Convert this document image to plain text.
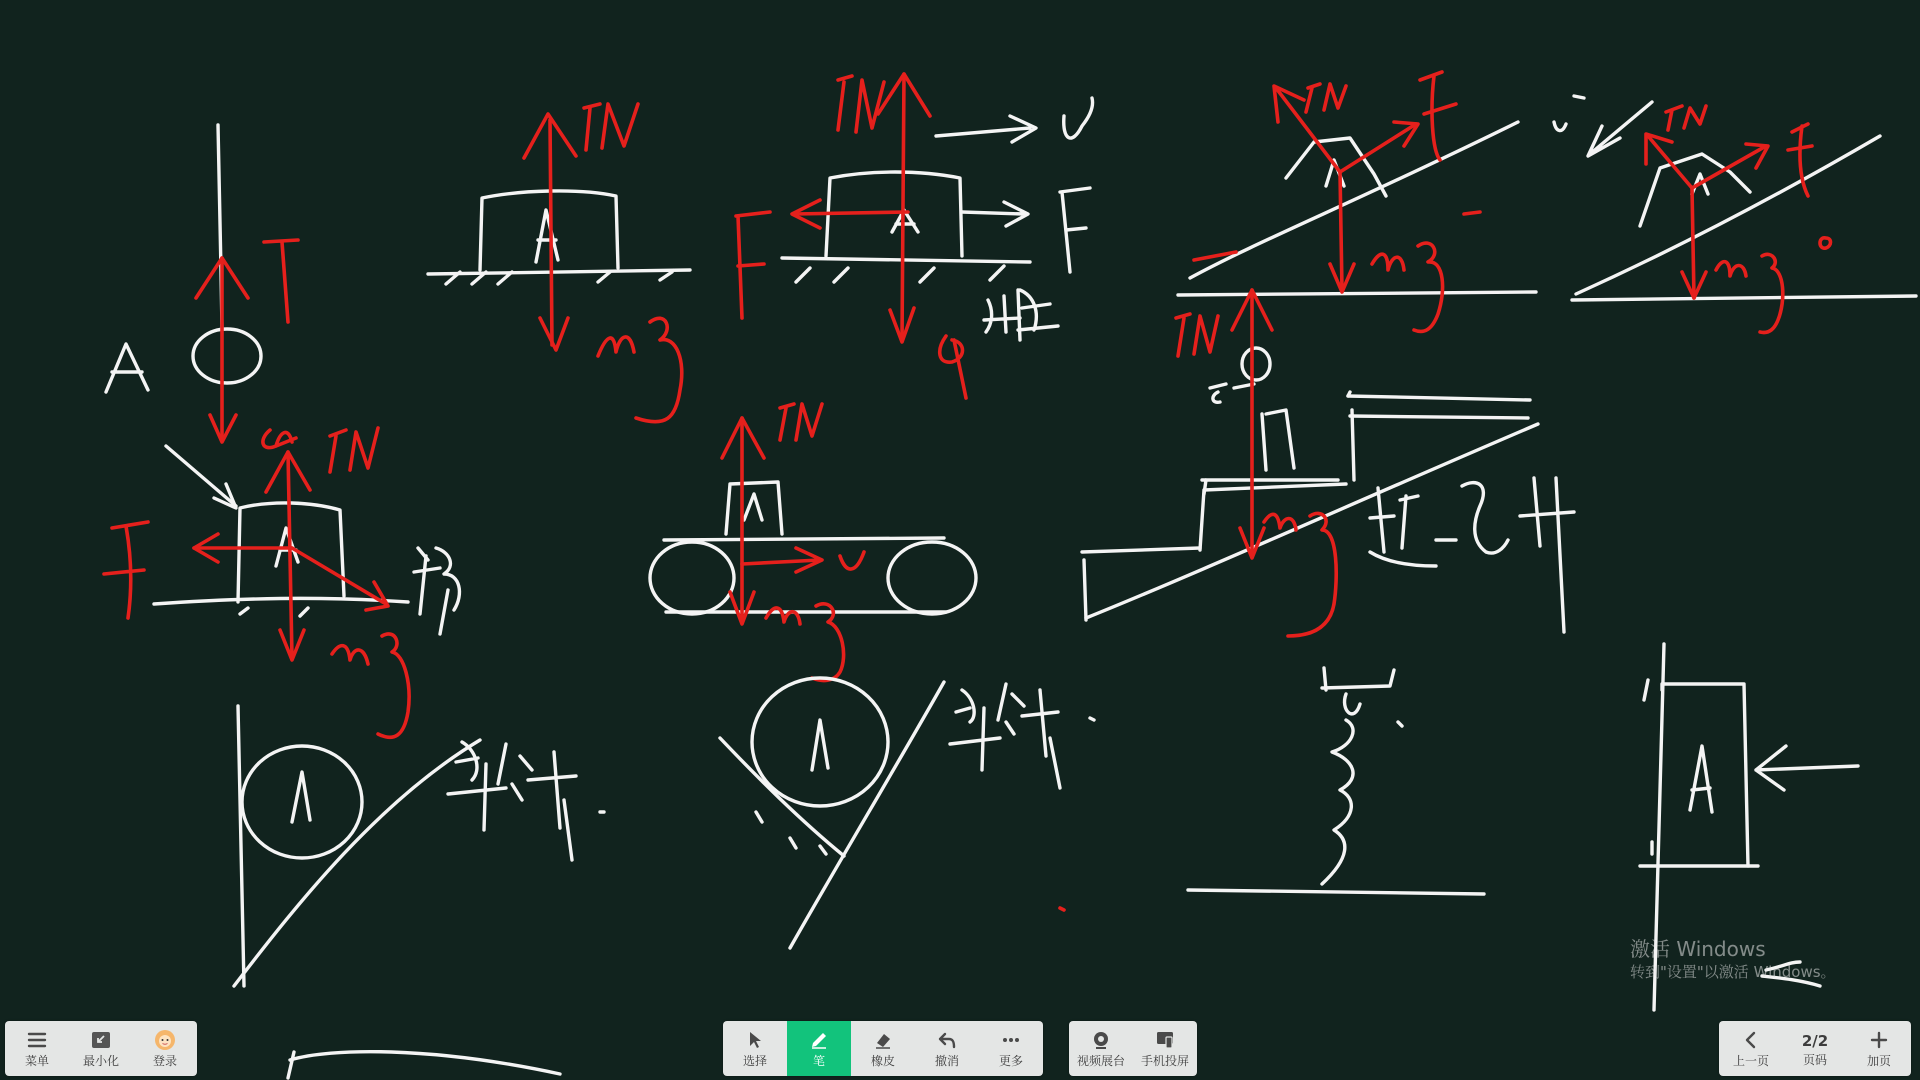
激活 Windows
转到"设置"以激活 Windows。
菜单	最小化	登录	选择	笔	橡皮	撤消	更多	视频展台 手机投屏	上一页
2/2
页码	加页
